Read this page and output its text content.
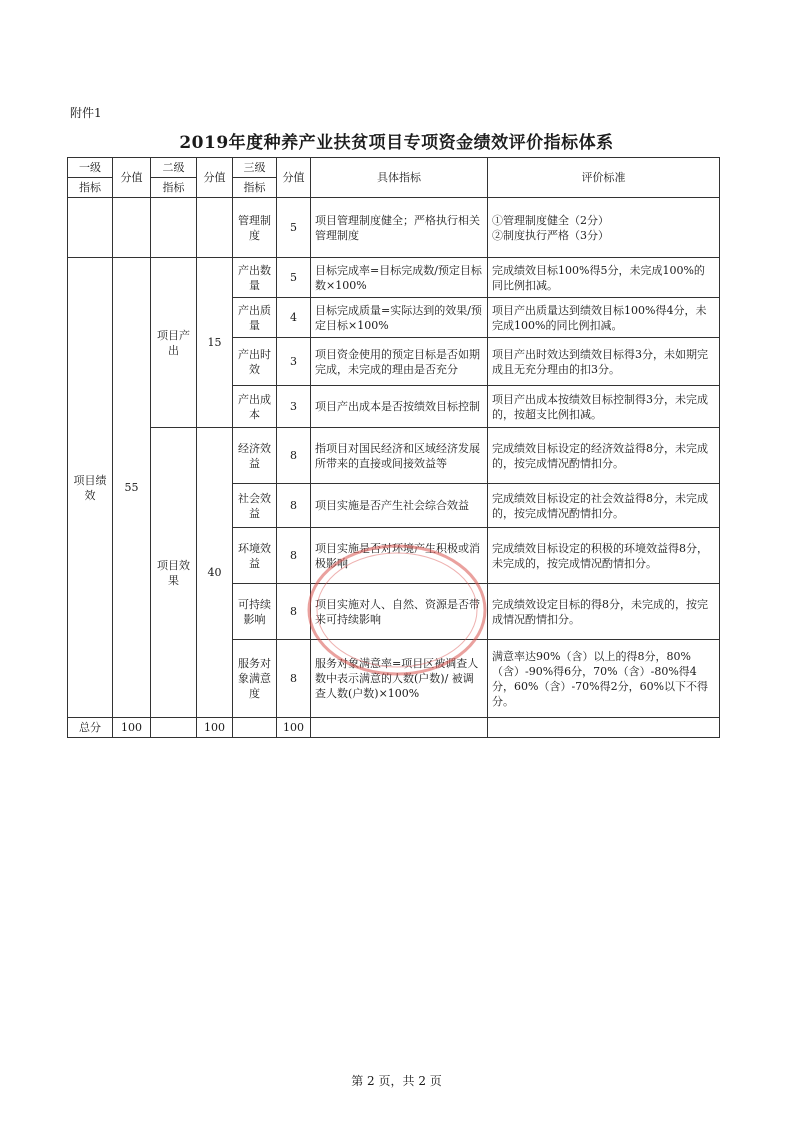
附件1
2019年度种养产业扶贫项目专项资金绩效评价指标体系
一级	分值	二级	分值	三级	分值	具体指标	评价标准
指标		指标		指标			
				管理制度	5	项目管理制度健全；严格执行相关管理制度	①管理制度健全（2分）
②制度执行严格（3分）

项目绩效	55	项目产出	15	产出数量	5	目标完成率=目标完成数/预定目标数×100%	完成绩效目标100%得5分，未完成100%的同比例扣减。
				产出质量	4	目标完成质量=实际达到的效果/预定目标×100%	项目产出质量达到绩效目标100%得4分，未完成100%的同比例扣减。
				产出时效	3	项目资金使用的预定目标是否如期完成，未完成的理由是否充分	项目产出时效达到绩效目标得3分，未如期完成且无充分理由的扣3分。
				产出成本	3	项目产出成本是否按绩效目标控制	项目产出成本按绩效目标控制得3分，未完成的，按超支比例扣减。
		项目效果	40	经济效益	8	指项目对国民经济和区域经济发展所带来的直接或间接效益等	完成绩效目标设定的经济效益得8分，未完成的，按完成情况酌情扣分。
				社会效益	8	项目实施是否产生社会综合效益	完成绩效目标设定的社会效益得8分，未完成的，按完成情况酌情扣分。
				环境效益	8	项目实施是否对环境产生积极或消极影响	完成绩效目标设定的积极的环境效益得8分，未完成的，按完成情况酌情扣分。
				可持续影响	8	项目实施对人、自然、资源是否带来可持续影响	完成绩效设定目标的得8分，未完成的，按完成情况酌情扣分。
				服务对象满意度	8	服务对象满意率=项目区被调查人数中表示满意的人数(户数)/ 被调查人数(户数)×100%	满意率达90%（含）以上的得8分，80%（含）-90%得6分，70%（含）-80%得4分，60%（含）-70%得2分，60%以下不得分。
总分	100		100		100		
第 2 页，共 2 页
